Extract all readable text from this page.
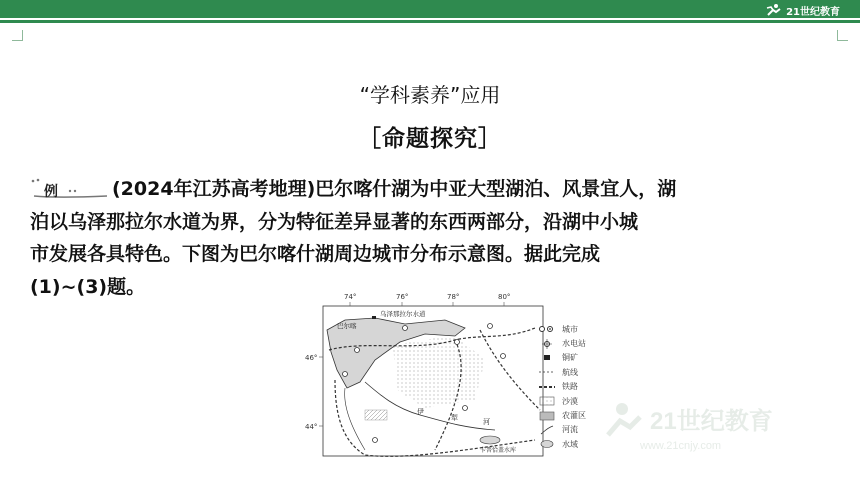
21世纪教育
“学科素养”应用
［命题探究］
例	(2024年江苏高考地理)巴尔喀什湖为中亚大型湖泊、风景宜人，湖
泊以乌泽那拉尔水道为界，分为特征差异显著的东西两部分，沿湖中小城
市发展各具特色。下图为巴尔喀什湖周边城市分布示意图。据此完成
(1)~(3)题。	74°	76°	78°	80°
46°
44°
乌泽那拉尔水道
巴尔喀
伊
犁	河
卡普恰盖水库
城市
水电站
铜矿
航线
铁路
沙漠
农灌区
河流
水域
21世纪教育
www.21cnjy.com
